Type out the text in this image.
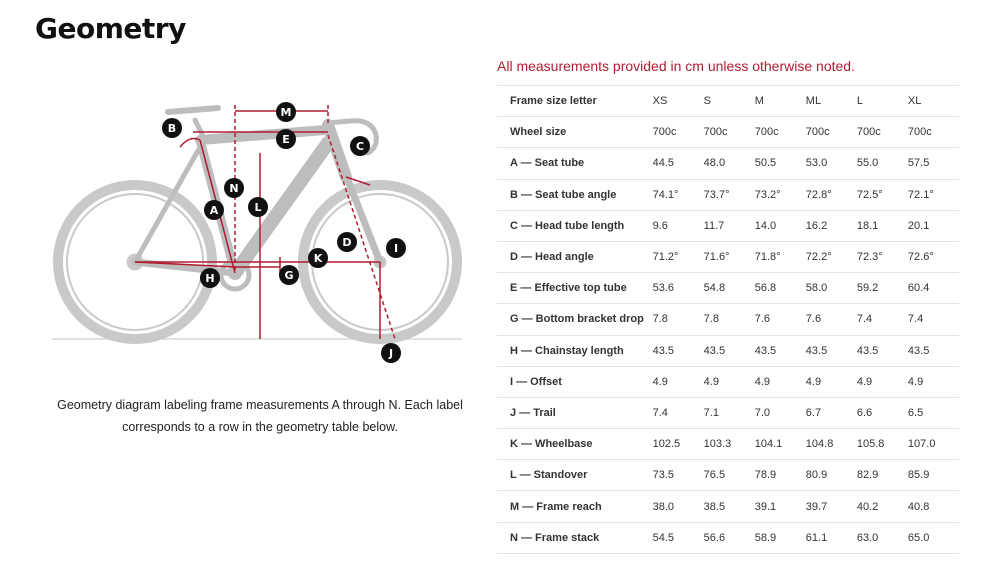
Geometry
M
B
E
C
N
A	L
D	I
K
H	G
J
Geometry diagram labeling frame measurements A through N. Each label corresponds to a row in the geometry table below.
All measurements provided in cm unless otherwise noted.
Frame size letter	XS	S	M	ML	L	XL
Wheel size	700c	700c	700c	700c	700c	700c
A — Seat tube	44.5	48.0	50.5	53.0	55.0	57.5
B — Seat tube angle	74.1°	73.7°	73.2°	72.8°	72.5°	72.1°
C — Head tube length	9.6	11.7	14.0	16.2	18.1	20.1
D — Head angle	71.2°	71.6°	71.8°	72.2°	72.3°	72.6°
E — Effective top tube	53.6	54.8	56.8	58.0	59.2	60.4
G — Bottom bracket drop	7.8	7.8	7.6	7.6	7.4	7.4
H — Chainstay length	43.5	43.5	43.5	43.5	43.5	43.5
I — Offset	4.9	4.9	4.9	4.9	4.9	4.9
J — Trail	7.4	7.1	7.0	6.7	6.6	6.5
K — Wheelbase	102.5	103.3	104.1	104.8	105.8	107.0
L — Standover	73.5	76.5	78.9	80.9	82.9	85.9
M — Frame reach	38.0	38.5	39.1	39.7	40.2	40.8
N — Frame stack	54.5	56.6	58.9	61.1	63.0	65.0
